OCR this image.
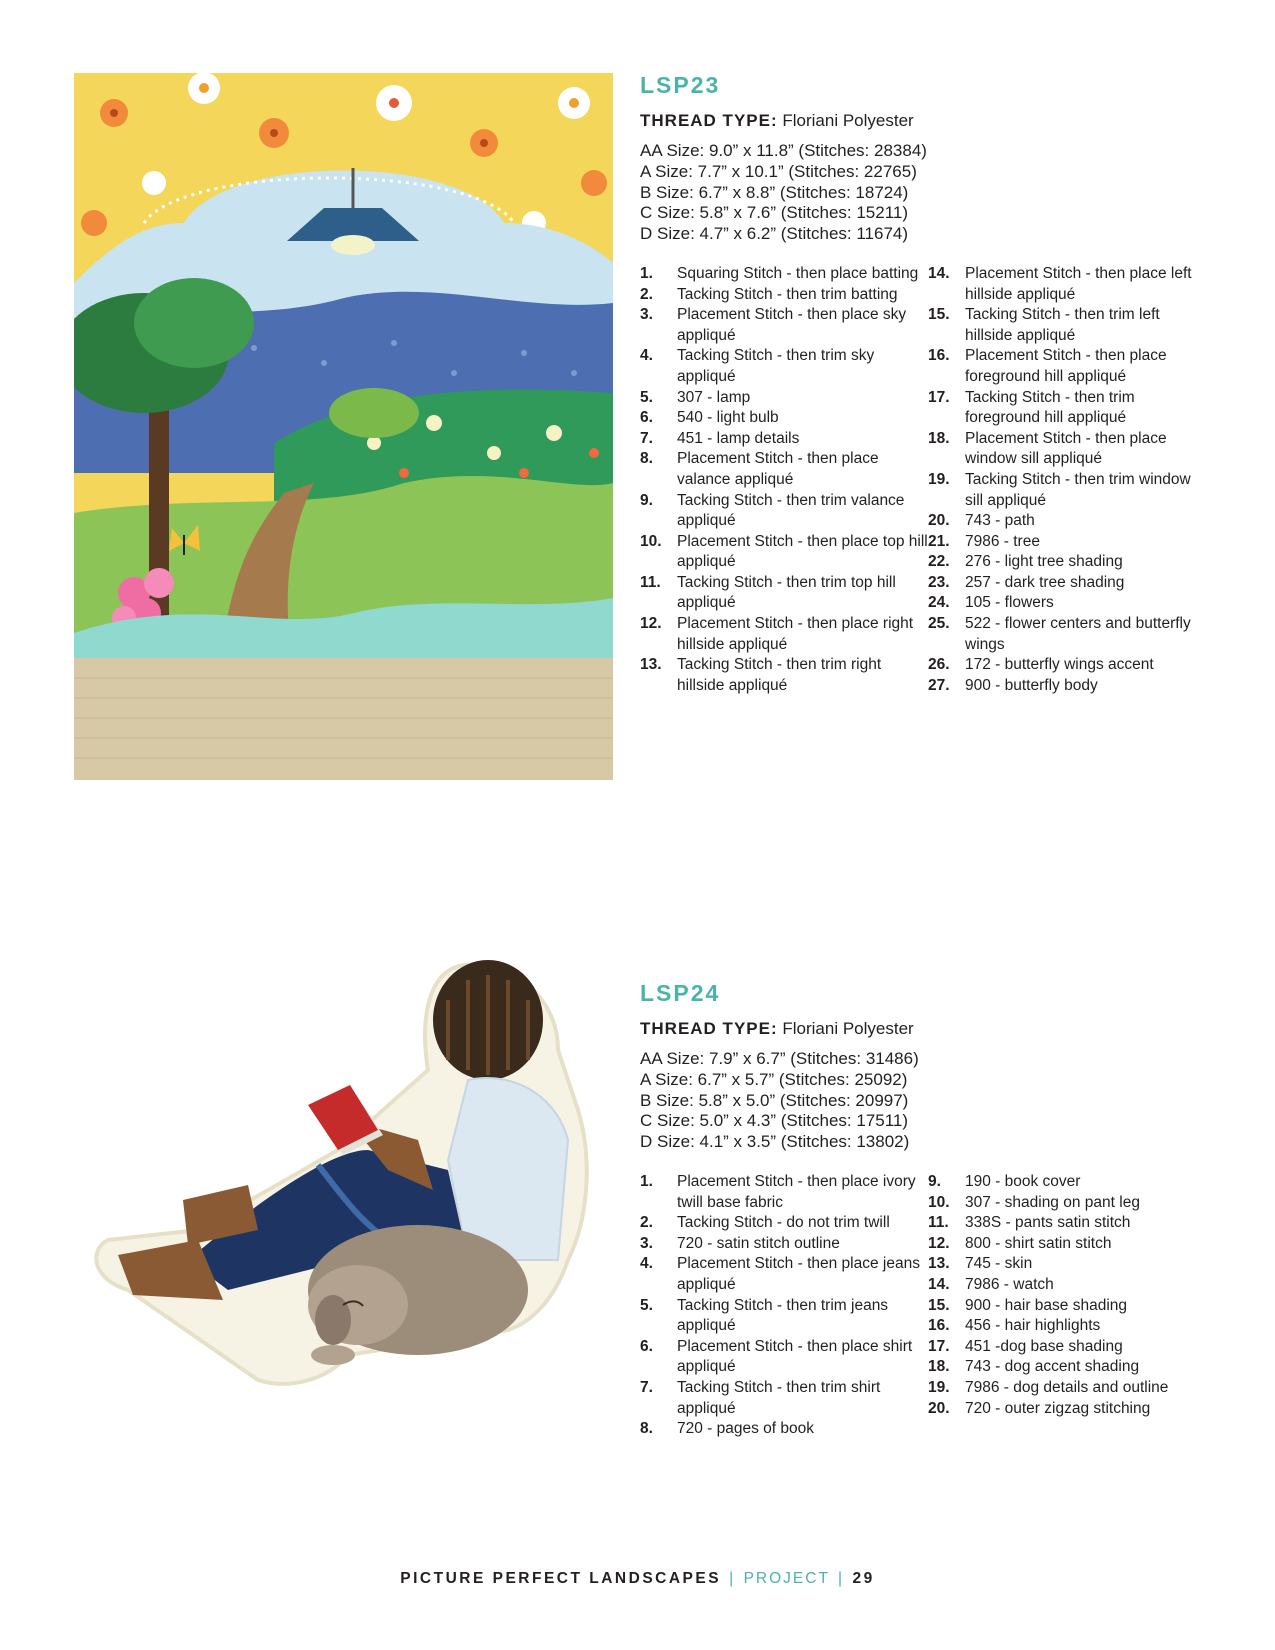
LSP23
THREAD TYPE: Floriani Polyester
AA Size: 9.0” x 11.8” (Stitches: 28384)
A Size: 7.7” x 10.1” (Stitches: 22765)
B Size: 6.7” x 8.8” (Stitches: 18724)
C Size: 5.8” x 7.6” (Stitches: 15211)
D Size: 4.7” x 6.2” (Stitches: 11674)
1.	Squaring Stitch - then place batting
2.	Tacking Stitch - then trim batting
3.	Placement Stitch - then place sky appliqué
4.	Tacking Stitch - then trim sky appliqué
5.	307 - lamp
6.	540 - light bulb
7.	451 - lamp details
8.	Placement Stitch - then place valance appliqué
9.	Tacking Stitch - then trim valance appliqué
10. Placement Stitch - then place top hill appliqué
11.	Tacking Stitch - then trim top hill appliqué
12. Placement Stitch - then place right hillside appliqué
13. Tacking Stitch - then trim right hillside appliqué
14. Placement Stitch - then place left hillside appliqué
15. Tacking Stitch - then trim left hillside appliqué
16. Placement Stitch - then place foreground hill appliqué
17. Tacking Stitch - then trim foreground hill appliqué
18. Placement Stitch - then place window sill appliqué
19. Tacking Stitch - then trim window sill appliqué
20. 743 - path
21. 7986 - tree
22. 276 - light tree shading
23. 257 - dark tree shading
24. 105 - flowers
25. 522 - flower centers and butterfly wings
26. 172 - butterfly wings accent
27. 900 - butterfly body
LSP24
THREAD TYPE: Floriani Polyester
AA Size: 7.9” x 6.7” (Stitches: 31486)
A Size: 6.7” x 5.7” (Stitches: 25092)
B Size: 5.8” x 5.0” (Stitches: 20997)
C Size: 5.0” x 4.3” (Stitches: 17511)
D Size: 4.1” x 3.5” (Stitches: 13802)
1.	Placement Stitch - then place ivory twill base fabric
2.	Tacking Stitch - do not trim twill
3.	720 - satin stitch outline
4.	Placement Stitch - then place jeans appliqué
5.	Tacking Stitch - then trim jeans appliqué
6.	Placement Stitch - then place shirt appliqué
7.	Tacking Stitch - then trim shirt appliqué
8.	720 - pages of book
9.	190 - book cover
10. 307 - shading on pant leg
11.	338S - pants satin stitch
12. 800 - shirt satin stitch
13. 745 - skin
14. 7986 - watch
15. 900 - hair base shading
16. 456 - hair highlights
17. 451 -dog base shading
18. 743 - dog accent shading
19. 7986 - dog details and outline
20. 720 - outer zigzag stitching
PICTURE PERFECT LANDSCAPES | PROJECT | 29
